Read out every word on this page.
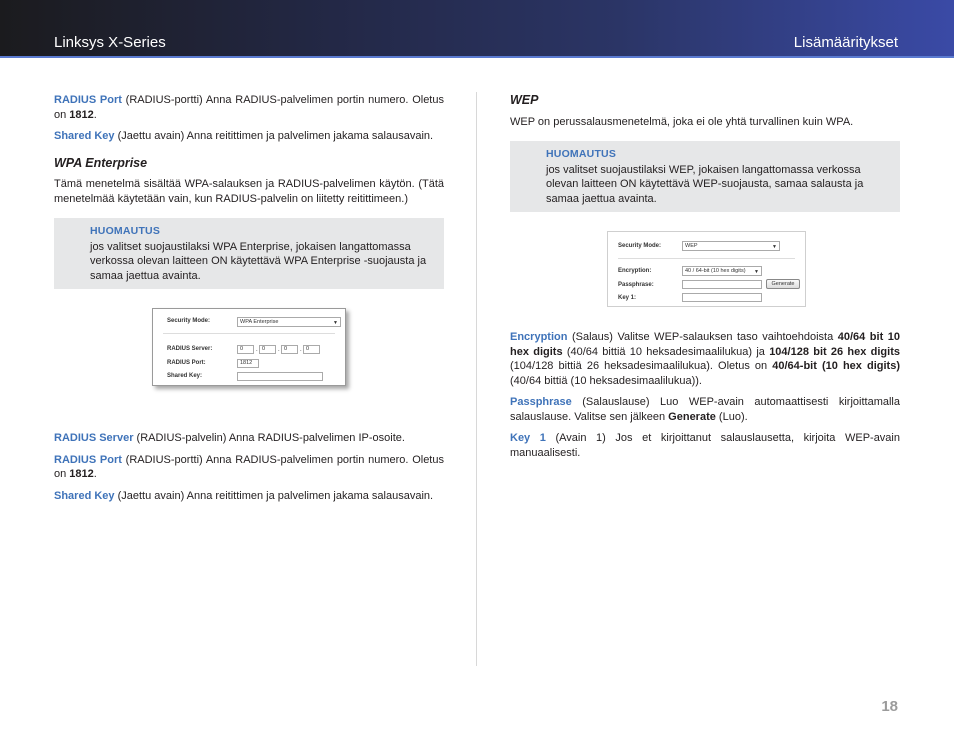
Linksys X-Series	Lisämääritykset

RADIUS Port (RADIUS-portti) Anna RADIUS-palvelimen portin numero. Oletus on 1812.

Shared Key (Jaettu avain) Anna reitittimen ja palvelimen jakama salausavain.

WPA Enterprise

Tämä menetelmä sisältää WPA-salauksen ja RADIUS-palvelimen käytön. (Tätä menetelmää käytetään vain, kun RADIUS-palvelin on liitetty reitittimeen.)

HUOMAUTUS
jos valitset suojaustilaksi WPA Enterprise, jokaisen langattomassa verkossa olevan laitteen ON käytettävä WPA Enterprise -suojausta ja samaa jaettua avainta.

RADIUS Server (RADIUS-palvelin) Anna RADIUS-palvelimen IP-osoite.

RADIUS Port (RADIUS-portti) Anna RADIUS-palvelimen portin numero. Oletus on 1812.

Shared Key (Jaettu avain) Anna reitittimen ja palvelimen jakama salausavain.

Security Mode:	WPA Enterprise	▼
RADIUS Server:	0	. 0	. 0	. 0
RADIUS Port:	1812
Shared Key:
WEP

WEP on perussalausmenetelmä, joka ei ole yhtä turvallinen kuin WPA.

HUOMAUTUS
jos valitset suojaustilaksi WEP, jokaisen langattomassa verkossa olevan laitteen ON käytettävä WEP-suojausta, samaa salausta ja samaa jaettua avainta.

Encryption (Salaus) Valitse WEP-salauksen taso vaihtoehdoista 40/64 bit 10 hex digits (40/64 bittiä 10 heksadesimaalilukua) ja 104/128 bit 26 hex digits (104/128 bittiä 26 heksadesimaalilukua). Oletus on 40/64-bit (10 hex digits) (40/64 bittiä (10 heksadesimaalilukua)).

Passphrase (Salauslause) Luo WEP-avain automaattisesti kirjoittamalla salauslause. Valitse sen jälkeen Generate (Luo).

Key 1 (Avain 1) Jos et kirjoittanut salauslausetta, kirjoita WEP-avain manuaalisesti.

Security Mode:	WEP	▼
Encryption:	40 / 64-bit (10 hex digits) ▼
Passphrase:	Generate
Key 1:
18
